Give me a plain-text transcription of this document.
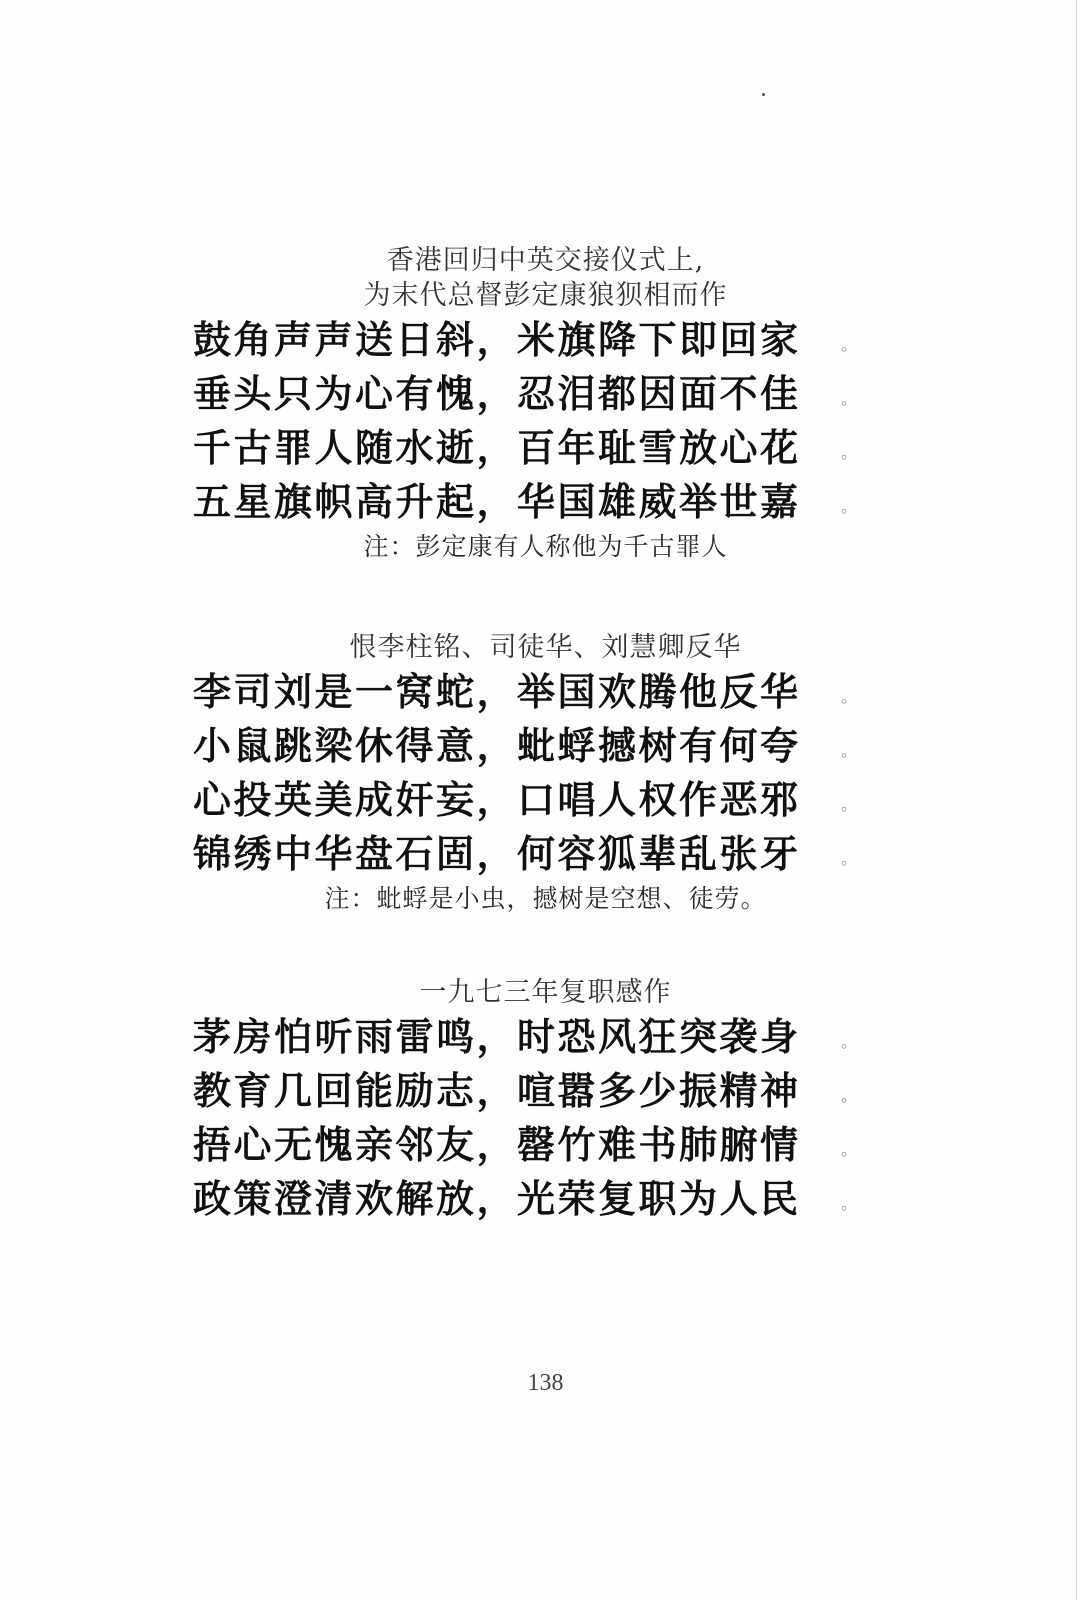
香港回归中英交接仪式上,

为末代总督彭定康狼狈相而作

鼓角声声送日斜，米旗降下即回家	。
垂头只为心有愧，忍泪都因面不佳	。
千古罪人随水逝，百年耻雪放心花	。
五星旗帜高升起，华国雄威举世嘉	。

注：彭定康有人称他为千古罪人

恨李柱铭、司徒华、刘慧卿反华

李司刘是一窝蛇，举国欢腾他反华	。
小鼠跳梁休得意，蚍蜉撼树有何夸	。
心投英美成奸妄，口唱人权作恶邪	。
锦绣中华盘石固，何容狐辈乱张牙	。

注：蚍蜉是小虫，撼树是空想、徒劳。

一九七三年复职感作

茅房怕听雨雷鸣，时恐风狂突袭身	。
教育几回能励志，喧嚣多少振精神	。
捂心无愧亲邻友，罄竹难书肺腑情	。
政策澄清欢解放，光荣复职为人民	。
138
